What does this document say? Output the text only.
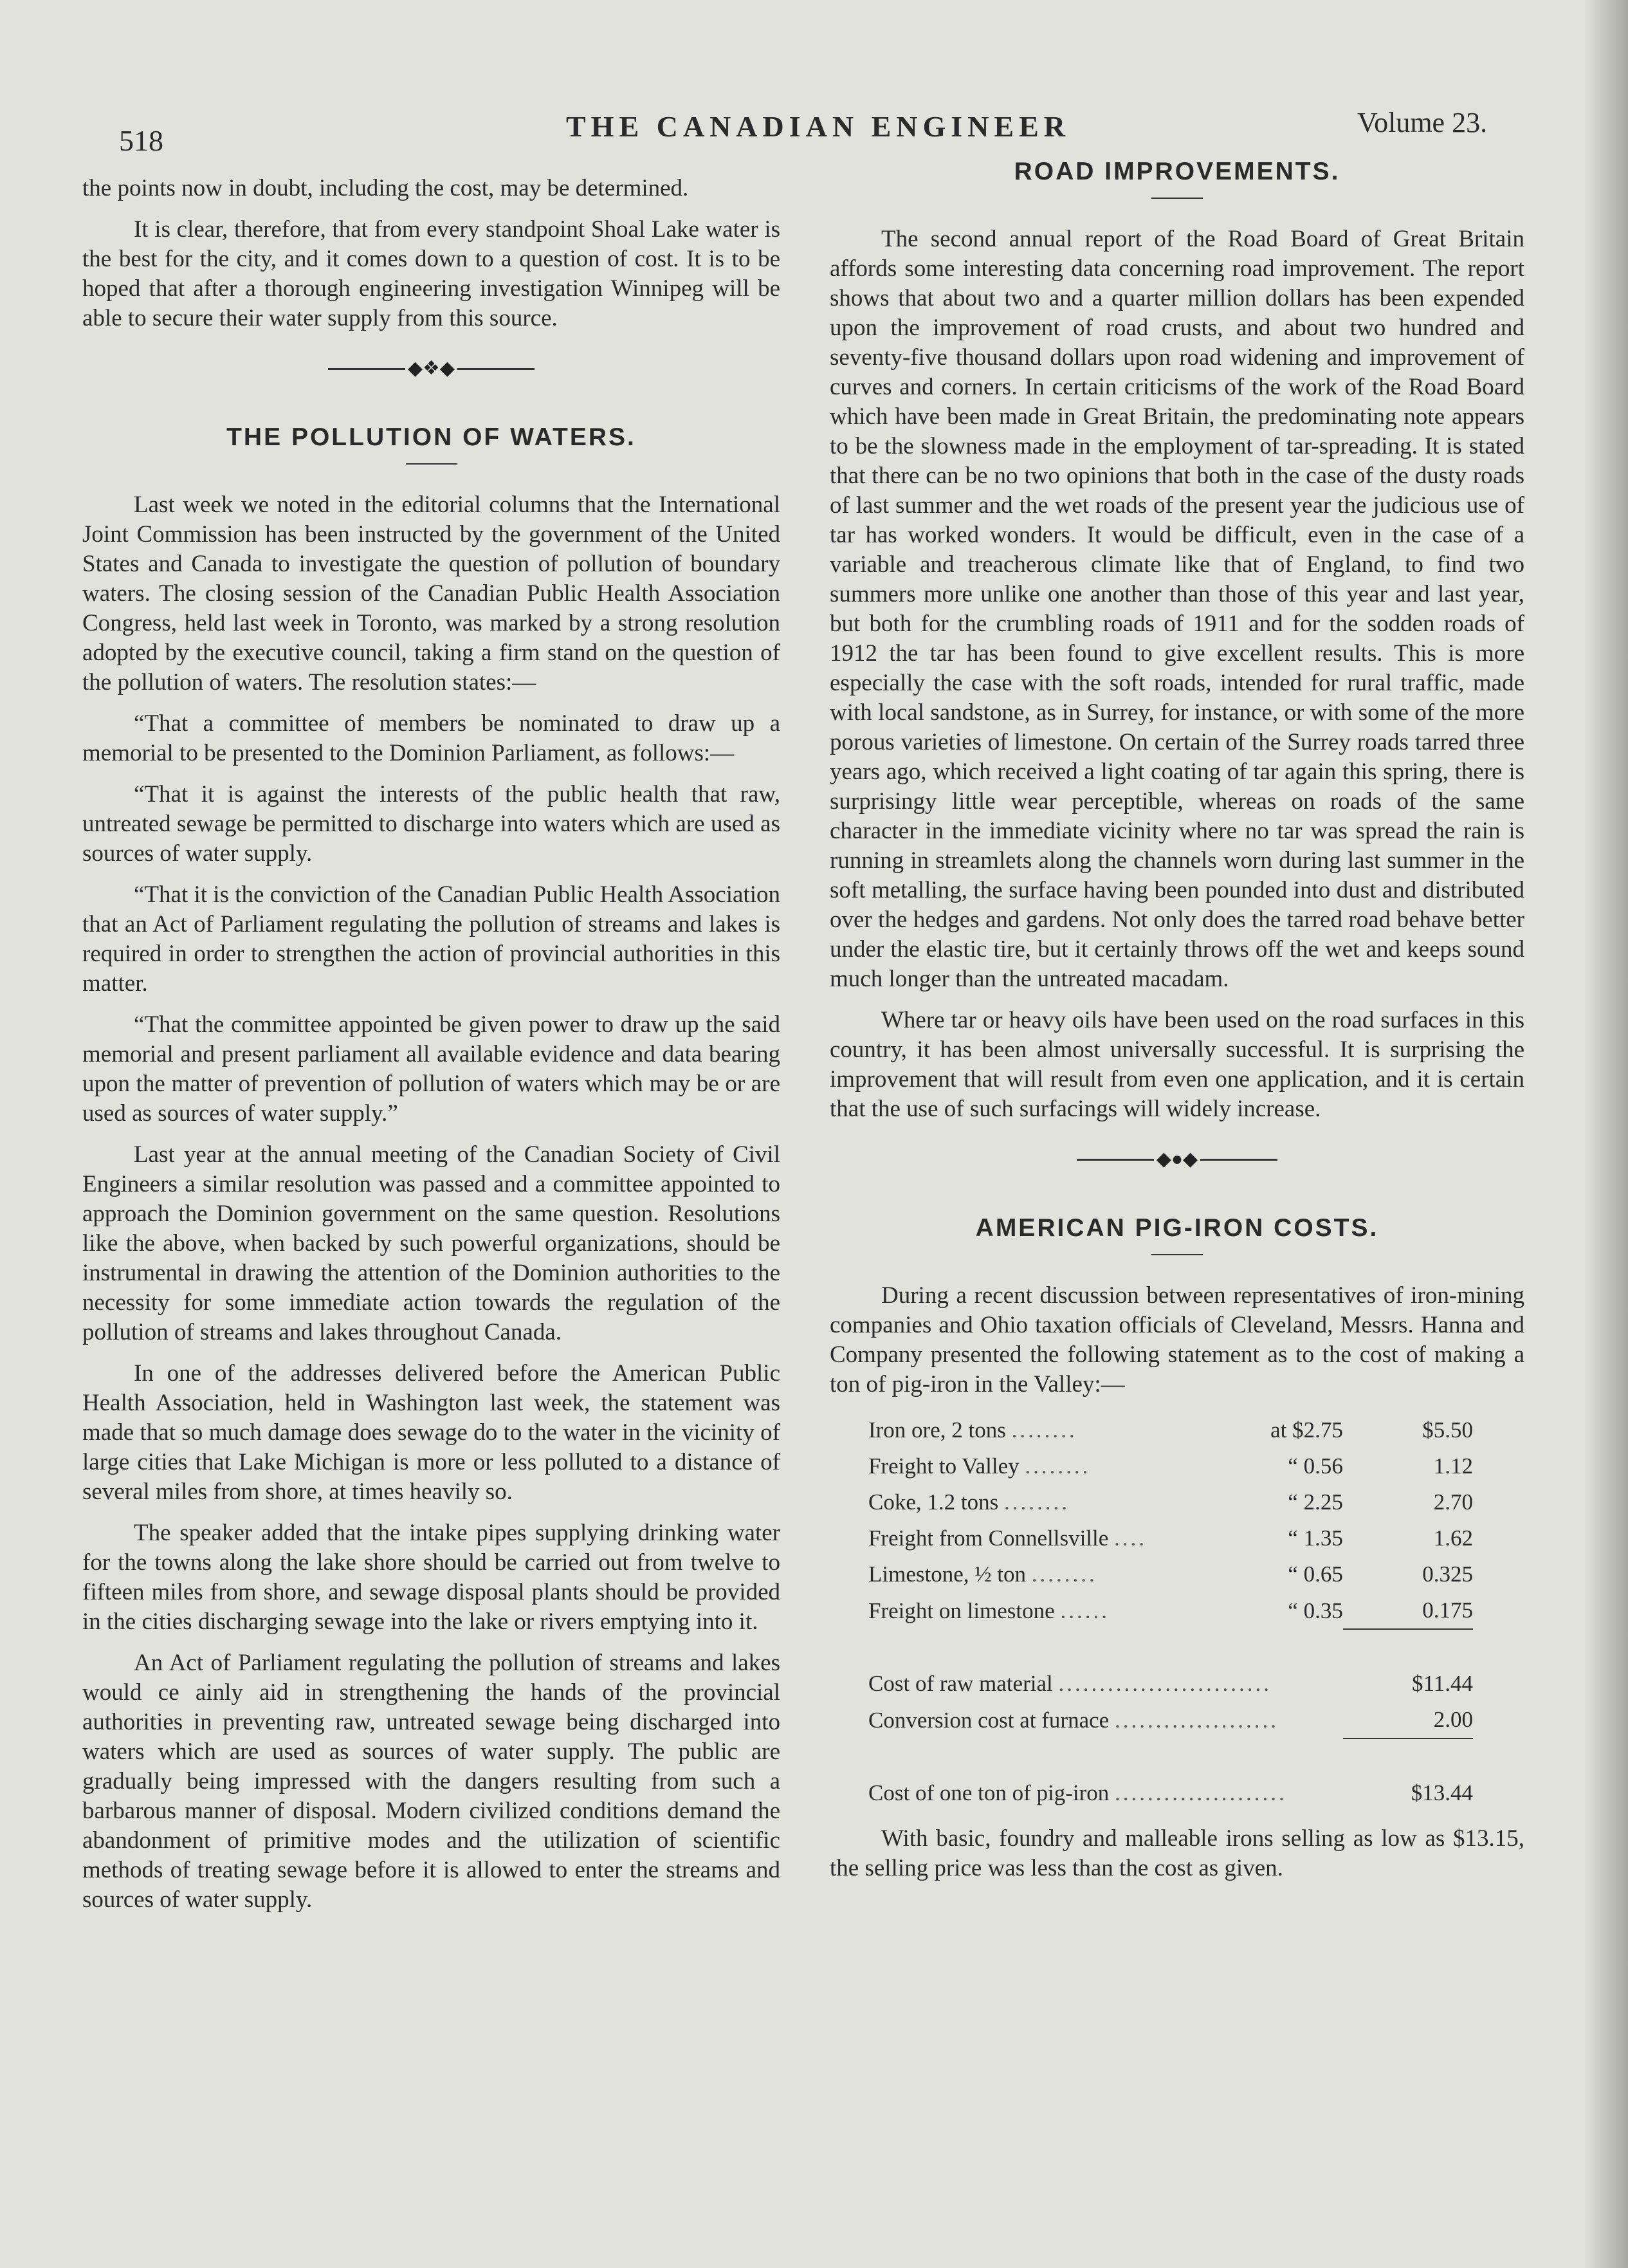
518	THE CANADIAN ENGINEER	Volume 23.

the points now in doubt, including the cost, may be determined.

It is clear, therefore, that from every standpoint Shoal Lake water is the best for the city, and it comes down to a question of cost. It is to be hoped that after a thorough engineering investigation Winnipeg will be able to secure their water supply from this source.

◆❖◆
THE POLLUTION OF WATERS.

Last week we noted in the editorial columns that the International Joint Commission has been instructed by the government of the United States and Canada to investigate the question of pollution of boundary waters. The closing session of the Canadian Public Health Association Congress, held last week in Toronto, was marked by a strong resolution adopted by the executive council, taking a firm stand on the question of the pollution of waters. The resolution states:—

“That a committee of members be nominated to draw up a memorial to be presented to the Dominion Parliament, as follows:—

“That it is against the interests of the public health that raw, untreated sewage be permitted to discharge into waters which are used as sources of water supply.

“That it is the conviction of the Canadian Public Health Association that an Act of Parliament regulating the pollution of streams and lakes is required in order to strengthen the action of provincial authorities in this matter.

“That the committee appointed be given power to draw up the said memorial and present parliament all available evidence and data bearing upon the matter of prevention of pollution of waters which may be or are used as sources of water supply.”

Last year at the annual meeting of the Canadian Society of Civil Engineers a similar resolution was passed and a committee appointed to approach the Dominion government on the same question. Resolutions like the above, when backed by such powerful organizations, should be instrumental in drawing the attention of the Dominion authorities to the necessity for some immediate action towards the regulation of the pollution of streams and lakes throughout Canada.

In one of the addresses delivered before the American Public Health Association, held in Washington last week, the statement was made that so much damage does sewage do to the water in the vicinity of large cities that Lake Michigan is more or less polluted to a distance of several miles from shore, at times heavily so.

The speaker added that the intake pipes supplying drinking water for the towns along the lake shore should be carried out from twelve to fifteen miles from shore, and sewage disposal plants should be provided in the cities discharging sewage into the lake or rivers emptying into it.

An Act of Parliament regulating the pollution of streams and lakes would ce ainly aid in strengthening the hands of the provincial authorities in preventing raw, untreated sewage being discharged into waters which are used as sources of water supply. The public are gradually being impressed with the dangers resulting from such a barbarous manner of disposal. Modern civilized conditions demand the abandonment of primitive modes and the utilization of scientific methods of treating sewage before it is allowed to enter the streams and sources of water supply.

ROAD IMPROVEMENTS.

The second annual report of the Road Board of Great Britain affords some interesting data concerning road improvement. The report shows that about two and a quarter million dollars has been expended upon the improvement of road crusts, and about two hundred and seventy-five thousand dollars upon road widening and improvement of curves and corners. In certain criticisms of the work of the Road Board which have been made in Great Britain, the predominating note appears to be the slowness made in the employment of tar-spreading. It is stated that there can be no two opinions that both in the case of the dusty roads of last summer and the wet roads of the present year the judicious use of tar has worked wonders. It would be difficult, even in the case of a variable and treacherous climate like that of England, to find two summers more unlike one another than those of this year and last year, but both for the crumbling roads of 1911 and for the sodden roads of 1912 the tar has been found to give excellent results. This is more especially the case with the soft roads, intended for rural traffic, made with local sandstone, as in Surrey, for instance, or with some of the more porous varieties of limestone. On certain of the Surrey roads tarred three years ago, which received a light coating of tar again this spring, there is surprisingy little wear perceptible, whereas on roads of the same character in the immediate vicinity where no tar was spread the rain is running in streamlets along the channels worn during last summer in the soft metalling, the surface having been pounded into dust and distributed over the hedges and gardens. Not only does the tarred road behave better under the elastic tire, but it certainly throws off the wet and keeps sound much longer than the untreated macadam.

Where tar or heavy oils have been used on the road surfaces in this country, it has been almost universally successful. It is surprising the improvement that will result from even one application, and it is certain that the use of such surfacings will widely increase.

◆●◆
AMERICAN PIG-IRON COSTS.

During a recent discussion between representatives of iron-mining companies and Ohio taxation officials of Cleveland, Messrs. Hanna and Company presented the following statement as to the cost of making a ton of pig-iron in the Valley:—

Iron ore, 2 tons ........	at $2.75	$5.50
Freight to Valley ........	“ 0.56	1.12
Coke, 1.2 tons ........	“ 2.25	2.70
Freight from Connellsville ....	“ 1.35	1.62
Limestone, ½ ton ........	“ 0.65	0.325
Freight on limestone ......	“ 0.35	0.175

Cost of raw material ..........................		$11.44
Conversion cost at furnace ....................		2.00

Cost of one ton of pig-iron .....................		$13.44

With basic, foundry and malleable irons selling as low as $13.15, the selling price was less than the cost as given.
